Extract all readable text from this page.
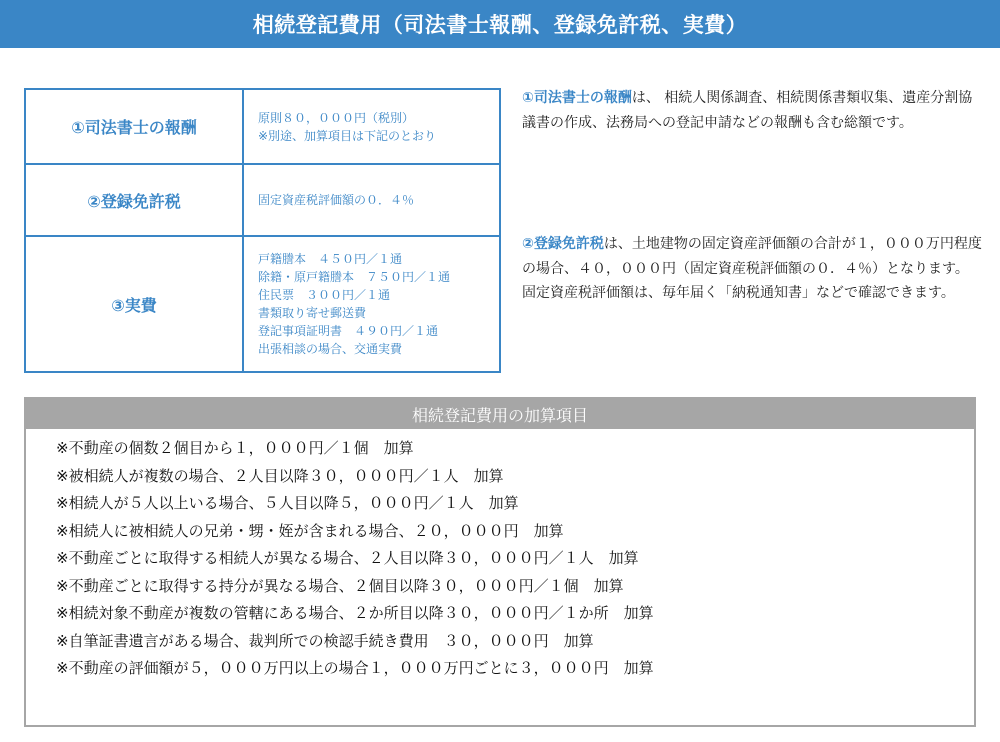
相続登記費用（司法書士報酬、登録免許税、実費）
①司法書士の報酬
原則８０，０００円（税別）
※別途、加算項目は下記のとおり
②登録免許税	固定資産税評価額の０．４％
③実費
戸籍謄本　４５０円／１通
除籍・原戸籍謄本　７５０円／１通
住民票　３００円／１通
書類取り寄せ郵送費
登記事項証明書　４９０円／１通
出張相談の場合、交通実費
①司法書士の報酬は、 相続人関係調査、相続関係書類収集、遺産分割協議書の作成、法務局への登記申請などの報酬も含む総額です。
②登録免許税は、土地建物の固定資産評価額の合計が１，０００万円程度の場合、４０，０００円（固定資産税評価額の０．４％）となります。固定資産税評価額は、毎年届く「納税通知書」などで確認できます。
相続登記費用の加算項目
※不動産の個数２個目から１，０００円／１個　加算
※被相続人が複数の場合、２人目以降３０，０００円／１人　加算
※相続人が５人以上いる場合、５人目以降５，０００円／１人　加算
※相続人に被相続人の兄弟・甥・姪が含まれる場合、２０，０００円　加算
※不動産ごとに取得する相続人が異なる場合、２人目以降３０，０００円／１人　加算
※不動産ごとに取得する持分が異なる場合、２個目以降３０，０００円／１個　加算
※相続対象不動産が複数の管轄にある場合、２か所目以降３０，０００円／１か所　加算
※自筆証書遺言がある場合、裁判所での検認手続き費用　３０，０００円　加算
※不動産の評価額が５，０００万円以上の場合１，０００万円ごとに３，０００円　加算
